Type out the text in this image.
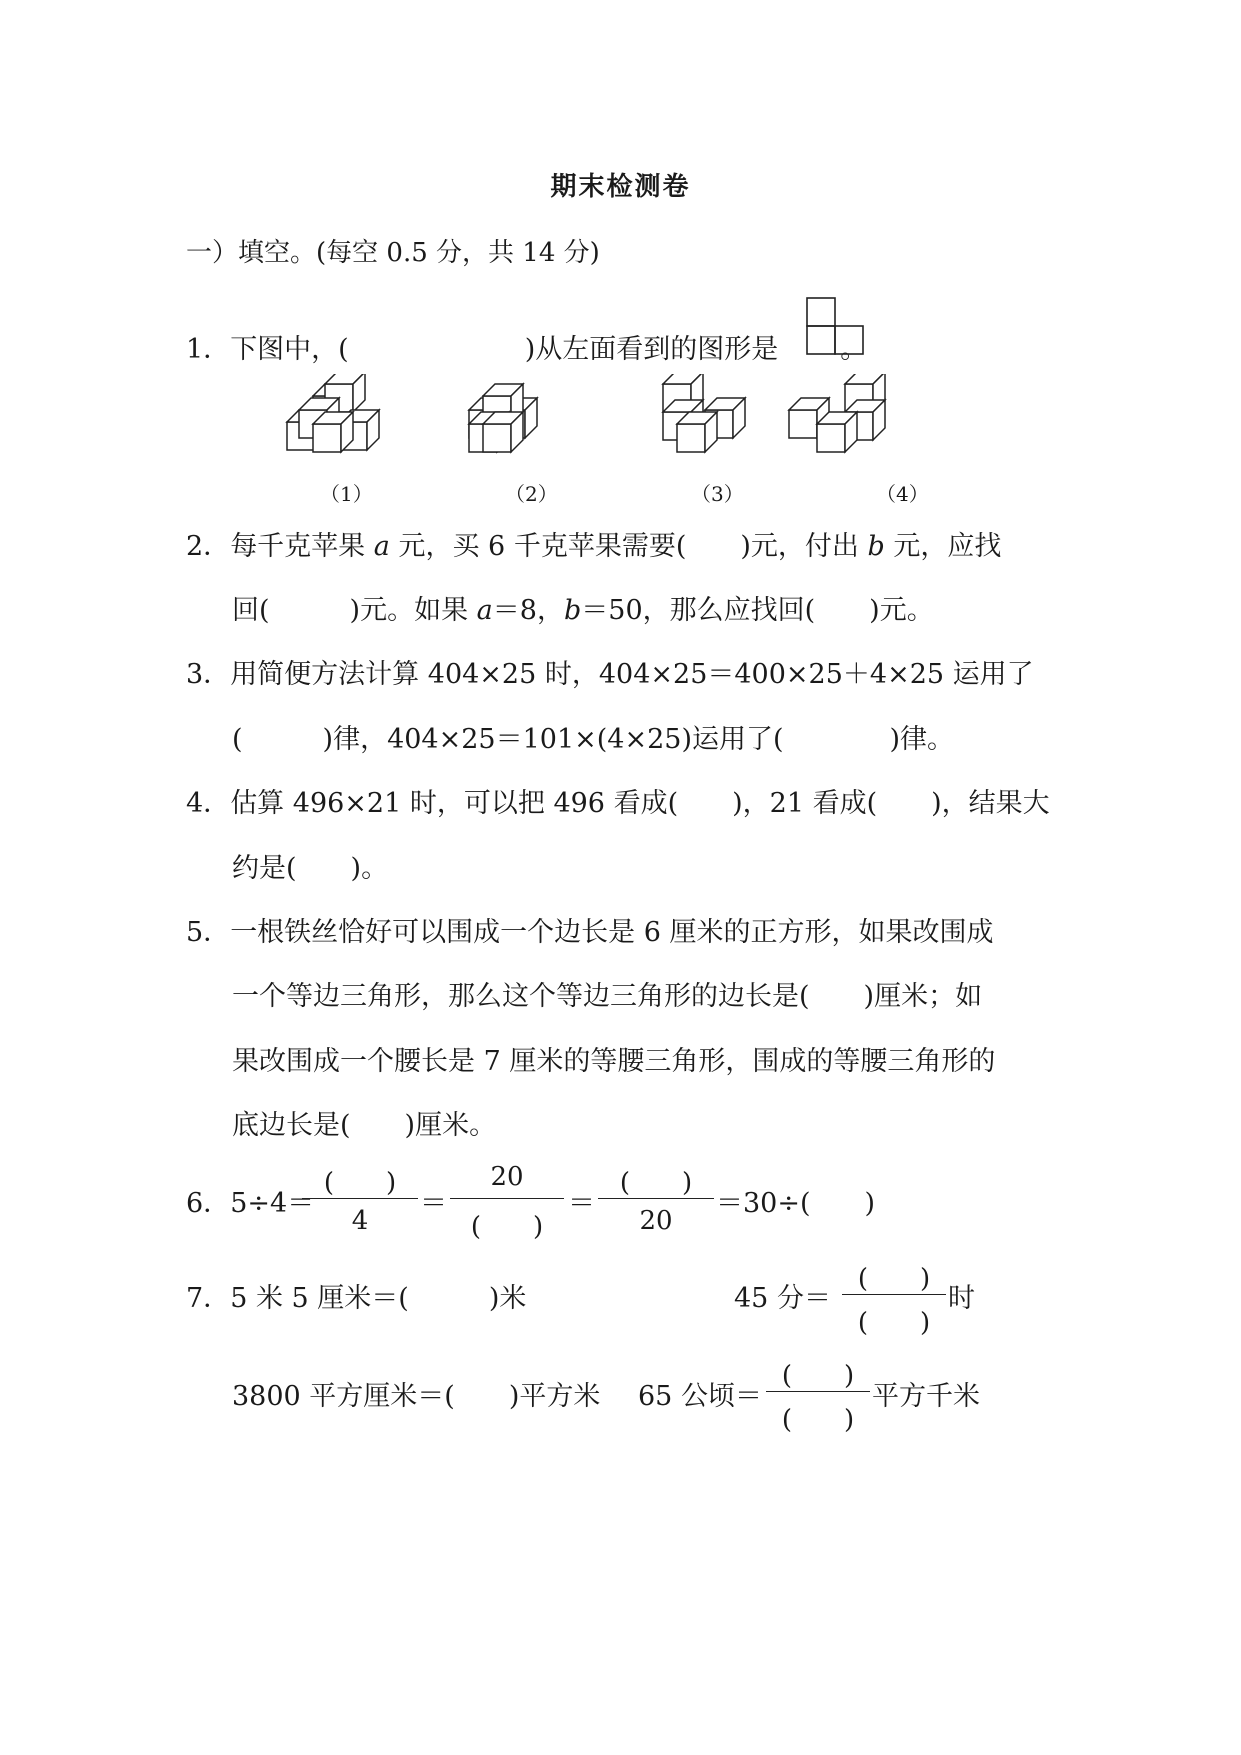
期末检测卷
一）填空。(每空 0.5 分，共 14 分)
1．下图中，(	)从左面看到的图形是 。
（1）	（2）	（3）	（4）
2．每千克苹果 a 元，买 6 千克苹果需要( )元，付出 b 元，应找
回(	)元。如果 a＝8，b＝50，那么应找回( )元。
3．用简便方法计算 404×25 时，404×25＝400×25＋4×25 运用了
(	)律，404×25＝101×(4×25)运用了(	)律。
4．估算 496×21 时，可以把 496 看成( )，21 看成( )，结果大
约是( )。
5．一根铁丝恰好可以围成一个边长是 6 厘米的正方形，如果改围成
一个等边三角形，那么这个等边三角形的边长是( )厘米；如
果改围成一个腰长是 7 厘米的等腰三角形，围成的等腰三角形的
底边长是( )厘米。
6．5÷4＝
(　　)
4
＝
20
(　　)
＝
(　　)
20
＝30÷( )
7．5 米 5 厘米＝(	)米	45 分＝
(　　)
(　　)
时
3800 平方厘米＝( )平方米 65 公顷＝
(　　)
(　　)
平方千米
